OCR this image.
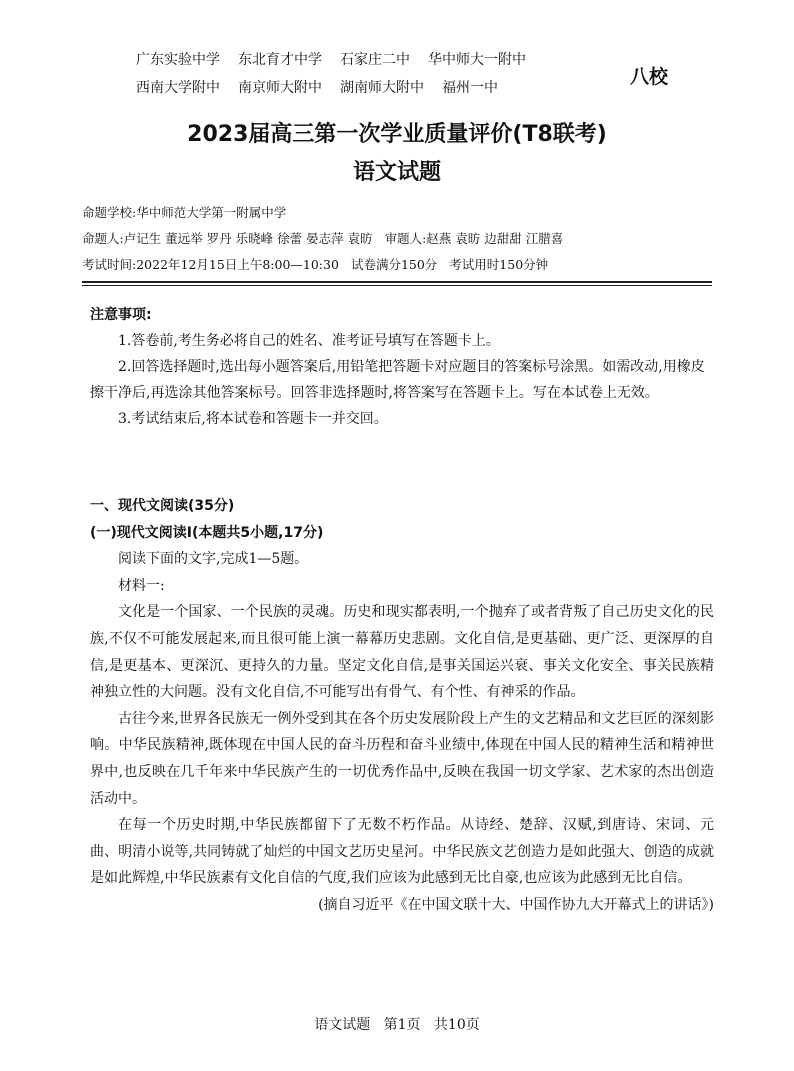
广东实验中学 东北育才中学 石家庄二中 华中师大一附中
西南大学附中 南京师大附中 湖南师大附中 福州一中	八校
2023届高三第一次学业质量评价(T8联考)
语文试题
命题学校:华中师范大学第一附属中学
命题人:卢记生 董远举 罗丹 乐晓峰 徐蕾 晏志萍 袁昉 审题人:赵燕 袁昉 边甜甜 江腊喜
考试时间:2022年12月15日上午8:00—10:30 试卷满分150分 考试用时150分钟
注意事项:

1.答卷前,考生务必将自己的姓名、准考证号填写在答题卡上。

2.回答选择题时,选出每小题答案后,用铅笔把答题卡对应题目的答案标号涂黑。如需改动,用橡皮擦干净后,再选涂其他答案标号。回答非选择题时,将答案写在答题卡上。写在本试卷上无效。

3.考试结束后,将本试卷和答题卡一并交回。

一、现代文阅读(35分)

(一)现代文阅读Ⅰ(本题共5小题,17分)

阅读下面的文字,完成1—5题。

材料一:

文化是一个国家、一个民族的灵魂。历史和现实都表明,一个抛弃了或者背叛了自己历史文化的民族,不仅不可能发展起来,而且很可能上演一幕幕历史悲剧。文化自信,是更基础、更广泛、更深厚的自信,是更基本、更深沉、更持久的力量。坚定文化自信,是事关国运兴衰、事关文化安全、事关民族精神独立性的大问题。没有文化自信,不可能写出有骨气、有个性、有神采的作品。

古往今来,世界各民族无一例外受到其在各个历史发展阶段上产生的文艺精品和文艺巨匠的深刻影响。中华民族精神,既体现在中国人民的奋斗历程和奋斗业绩中,体现在中国人民的精神生活和精神世界中,也反映在几千年来中华民族产生的一切优秀作品中,反映在我国一切文学家、艺术家的杰出创造活动中。

在每一个历史时期,中华民族都留下了无数不朽作品。从诗经、楚辞、汉赋,到唐诗、宋词、元曲、明清小说等,共同铸就了灿烂的中国文艺历史星河。中华民族文艺创造力是如此强大、创造的成就是如此辉煌,中华民族素有文化自信的气度,我们应该为此感到无比自豪,也应该为此感到无比自信。

(摘自习近平《在中国文联十大、中国作协九大开幕式上的讲话》)

语文试题 第1页 共10页
